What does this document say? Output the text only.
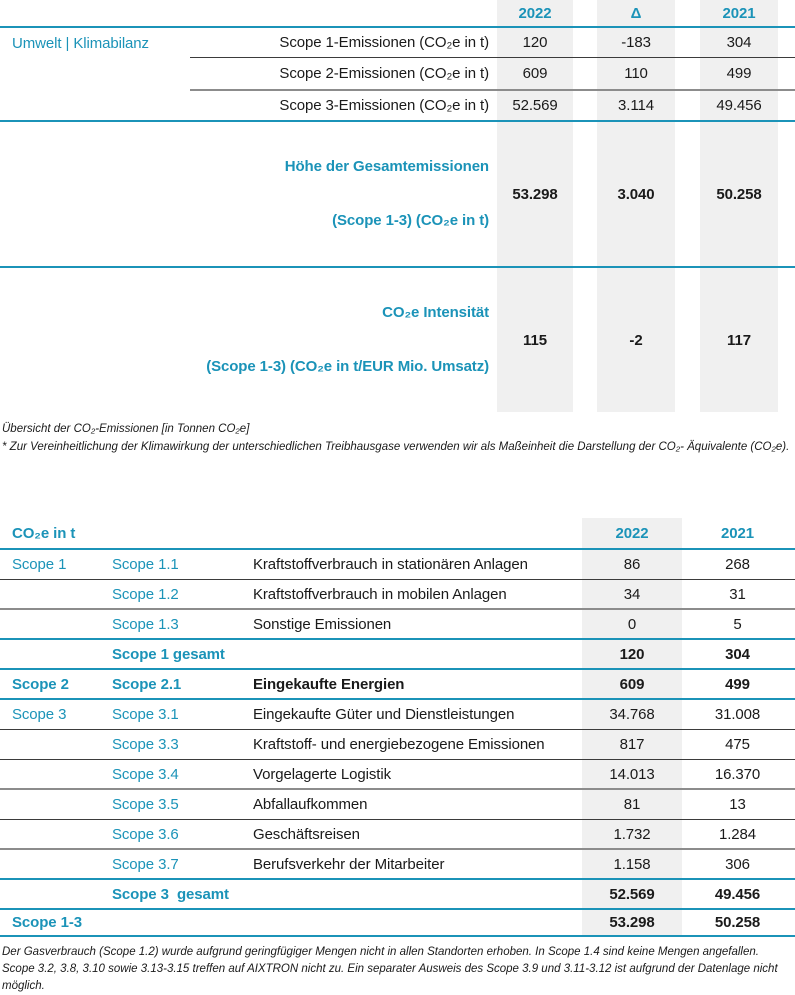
2022	Δ	2021

Umwelt | Klimabilanz	Scope 1-Emissionen (CO₂e in t)	120	-183	304

	Scope 2-Emissionen (CO₂e in t)	609	110	499

	Scope 3-Emissionen (CO₂e in t)	52.569	3.114	49.456

Höhe der Gesamtemissionen

(Scope 1-3) (CO₂e in t)		53.298	3.040	50.258

CO₂e Intensität

(Scope 1-3) (CO₂e in t/EUR Mio. Umsatz)		115	-2	117
Übersicht der CO₂-Emissionen [in Tonnen CO₂e]
* Zur Vereinheitlichung der Klimawirkung der unterschiedlichen Treibhausgase verwenden wir als Maßeinheit die Darstellung der CO₂- Äquivalente (CO₂e).
CO₂e in t			2022	2021
Scope 1	Scope 1.1	Kraftstoffverbrauch in stationären Anlagen	86	268
	Scope 1.2	Kraftstoffverbrauch in mobilen Anlagen	34	31
	Scope 1.3	Sonstige Emissionen	0	5
	Scope 1 gesamt		120	304
Scope 2	Scope 2.1	Eingekaufte Energien	609	499
Scope 3	Scope 3.1	Eingekaufte Güter und Dienstleistungen	34.768	31.008
	Scope 3.3	Kraftstoff- und energiebezogene Emissionen	817	475
	Scope 3.4	Vorgelagerte Logistik	14.013	16.370
	Scope 3.5	Abfallaufkommen	81	13
	Scope 3.6	Geschäftsreisen	1.732	1.284
	Scope 3.7	Berufsverkehr der Mitarbeiter	1.158	306
	Scope 3  gesamt		52.569	49.456
Scope 1-3			53.298	50.258
Der Gasverbrauch (Scope 1.2) wurde aufgrund geringfügiger Mengen nicht in allen Standorten erhoben. In Scope 1.4 sind keine Mengen angefallen. Scope 3.2, 3.8, 3.10 sowie 3.13-3.15 treffen auf AIXTRON nicht zu. Ein separater Ausweis des Scope 3.9 und 3.11-3.12 ist aufgrund der Datenlage nicht möglich.
